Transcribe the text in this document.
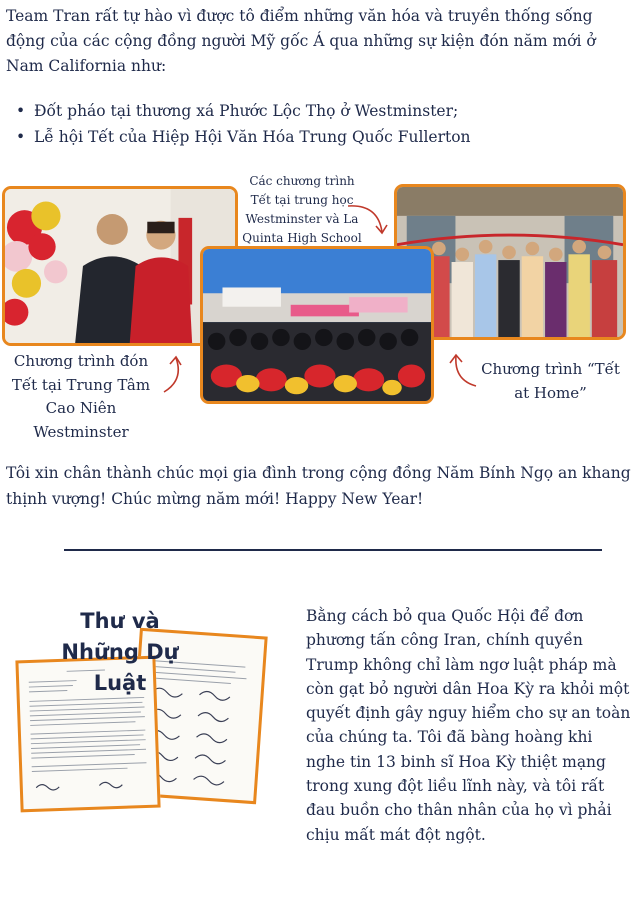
Team Tran rất tự hào vì được tô điểm những văn hóa và truyền thống sống động của các cộng đồng người Mỹ gốc Á qua những sự kiện đón năm mới ở Nam California như:

• Đốt pháo tại thương xá Phước Lộc Thọ ở Westminster;
• Lễ hội Tết của Hiệp Hội Văn Hóa Trung Quốc Fullerton

Các chương trình Tết tại trung học Westminster và La Quinta High School

Chương trình đón Tết tại Trung Tâm Cao Niên Westminster

Chương trình “Tết at Home”

Tôi xin chân thành chúc mọi gia đình trong cộng đồng Năm Bính Ngọ an khang thịnh vượng! Chúc mừng năm mới! Happy New Year!

Thư và
Những Dự
Luật

Bằng cách bỏ qua Quốc Hội để đơn phương tấn công Iran, chính quyền Trump không chỉ làm ngơ luật pháp mà còn gạt bỏ người dân Hoa Kỳ ra khỏi một quyết định gây nguy hiểm cho sự an toàn của chúng ta. Tôi đã bàng hoàng khi nghe tin 13 binh sĩ Hoa Kỳ thiệt mạng trong xung đột liều lĩnh này, và tôi rất đau buồn cho thân nhân của họ vì phải chịu mất mát đột ngột.
